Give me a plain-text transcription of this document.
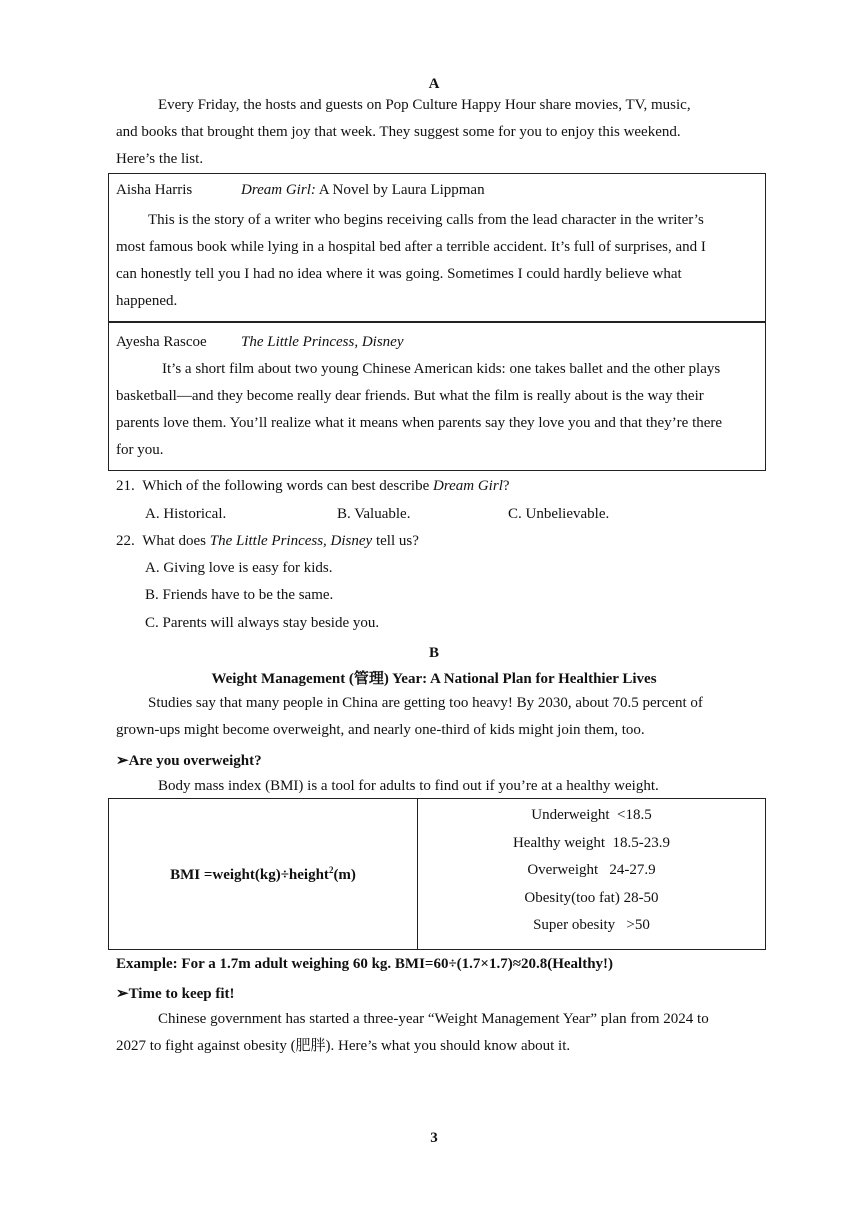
A
Every Friday, the hosts and guests on Pop Culture Happy Hour share movies, TV, music,
and books that brought them joy that week. They suggest some for you to enjoy this weekend.
Here’s the list.
Aisha Harris	Dream Girl: A Novel by Laura Lippman
This is the story of a writer who begins receiving calls from the lead character in the writer’s
most famous book while lying in a hospital bed after a terrible accident. It’s full of surprises, and I
can honestly tell you I had no idea where it was going. Sometimes I could hardly believe what
happened.
Ayesha Rascoe The Little Princess, Disney
It’s a short film about two young Chinese American kids: one takes ballet and the other plays
basketball—and they become really dear friends. But what the film is really about is the way their
parents love them. You’ll realize what it means when parents say they love you and that they’re there
for you.
21. Which of the following words can best describe Dream Girl?
A. Historical.	B. Valuable.	C. Unbelievable.
22. What does The Little Princess, Disney tell us?
A. Giving love is easy for kids.
B. Friends have to be the same.
C. Parents will always stay beside you.
B
Weight Management (管理) Year: A National Plan for Healthier Lives
Studies say that many people in China are getting too heavy! By 2030, about 70.5 percent of
grown-ups might become overweight, and nearly one-third of kids might join them, too.
➢Are you overweight?
Body mass index (BMI) is a tool for adults to find out if you’re at a healthy weight.
BMI =weight(kg)÷height$^2$(m)
Underweight <18.5
Healthy weight 18.5-23.9
Overweight 24-27.9
Obesity(too fat) 28-50
Super obesity >50
Example: For a 1.7m adult weighing 60 kg. BMI=60÷(1.7×1.7)≈20.8(Healthy!)
➢Time to keep fit!
Chinese government has started a three-year “Weight Management Year” plan from 2024 to
2027 to fight against obesity (肥胖). Here’s what you should know about it.
3
